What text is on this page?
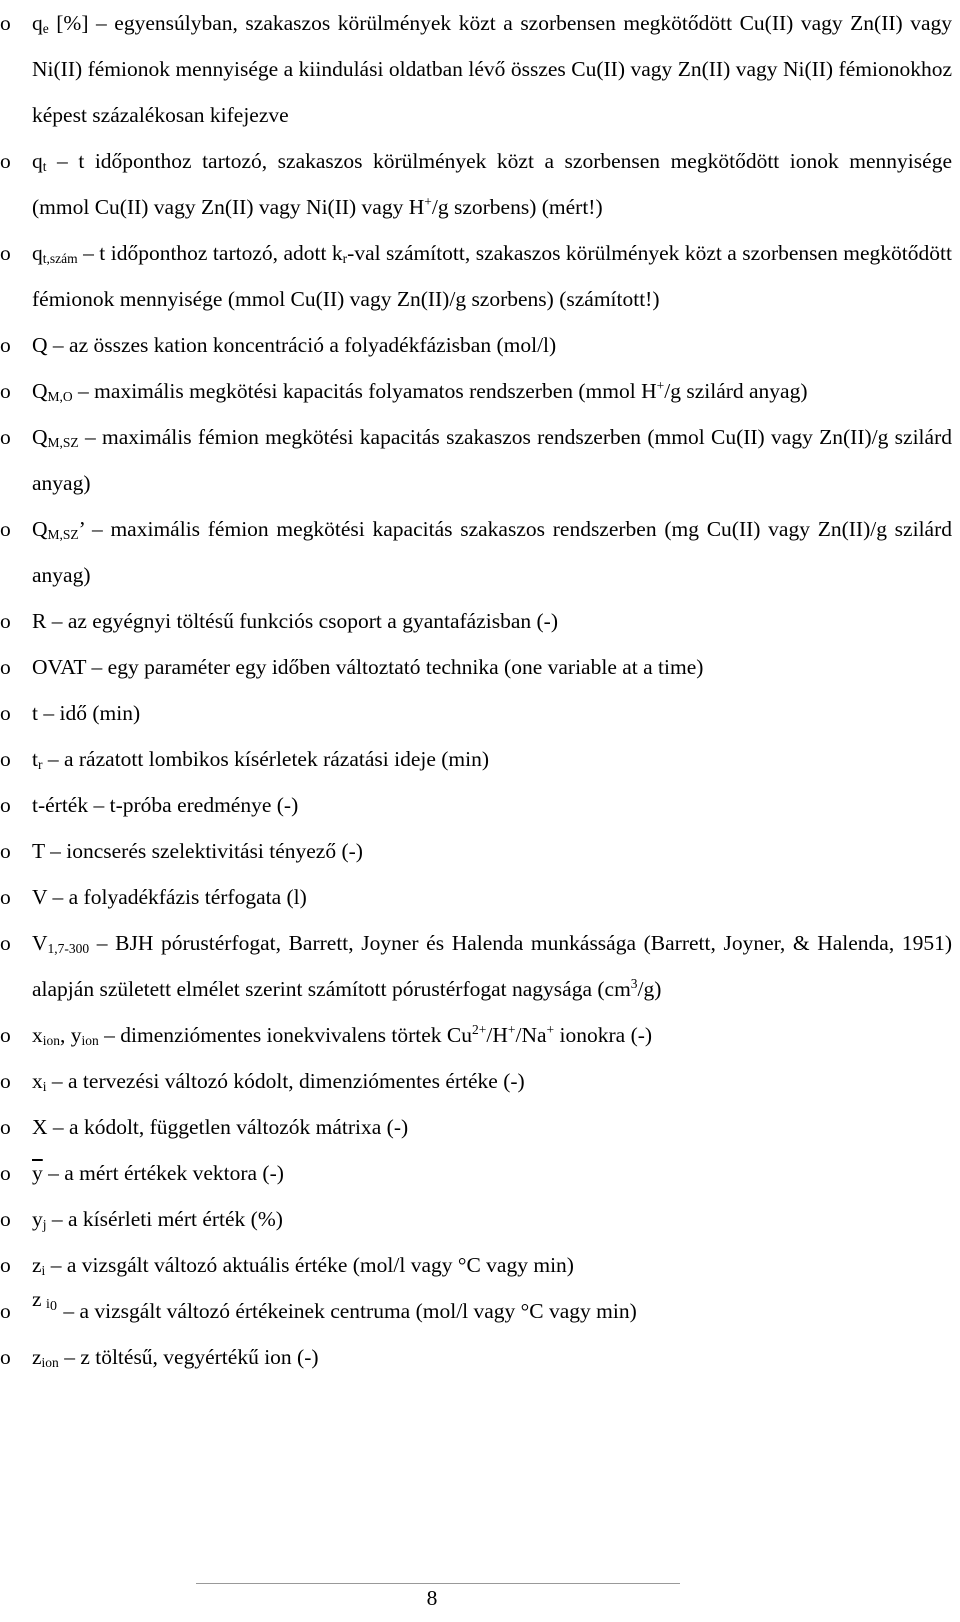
o $q_e$ [%] – egyensúlyban, szakaszos körülmények közt a szorbensen megkötődött Cu(II) vagy Zn(II) vagy Ni(II) fémionok mennyisége a kiindulási oldatban lévő összes Cu(II) vagy Zn(II) vagy Ni(II) fémionokhoz képest százalékosan kifejezve
o $q_t$ – t időponthoz tartozó, szakaszos körülmények közt a szorbensen megkötődött ionok mennyisége (mmol Cu(II) vagy Zn(II) vagy Ni(II) vagy H+/g szorbens) (mért!)
o $q_{t,szám}$ – t időponthoz tartozó, adott $k_r$-val számított, szakaszos körülmények közt a szorbensen megkötődött fémionok mennyisége (mmol Cu(II) vagy Zn(II)/g szorbens) (számított!)
o Q – az összes kation koncentráció a folyadékfázisban (mol/l)
o $Q_{M,O}$ – maximális megkötési kapacitás folyamatos rendszerben (mmol H+/g szilárd anyag)
o $Q_{M,SZ}$ – maximális fémion megkötési kapacitás szakaszos rendszerben (mmol Cu(II) vagy Zn(II)/g szilárd anyag)
o $Q_{M,SZ}$’ – maximális fémion megkötési kapacitás szakaszos rendszerben (mg Cu(II) vagy Zn(II)/g szilárd anyag)
o R – az egyégnyi töltésű funkciós csoport a gyantafázisban (-)
o OVAT – egy paraméter egy időben változtató technika (one variable at a time)
o t – idő (min)
o $t_r$ – a rázatott lombikos kísérletek rázatási ideje (min)
o t-érték – t-próba eredménye (-)
o T – ioncserés szelektivitási tényező (-)
o V – a folyadékfázis térfogata (l)
o $V_{1,7-300}$ – BJH pórustérfogat, Barrett, Joyner és Halenda munkássága (Barrett, Joyner, & Halenda, 1951) alapján született elmélet szerint számított pórustérfogat nagysága $(cm^3/g)$
o $x_{ion}$, $y_{ion}$ – dimenziómentes ionekvivalens törtek $Cu^{2+}/H^+/Na^+$ ionokra (-)
o $x_i$ – a tervezési változó kódolt, dimenziómentes értéke (-)
o X – a kódolt, független változók mátrixa (-)
o $\overline{y}$ – a mért értékek vektora (-)
o $y_j$ – a kísérleti mért érték (%)
o $z_i$ – a vizsgált változó aktuális értéke (mol/l vagy °C vagy min)
o z 0
i – a vizsgált változó értékeinek centruma (mol/l vagy °C vagy min)
o $z_{ion}$ – z töltésű, vegyértékű ion (-)
8
